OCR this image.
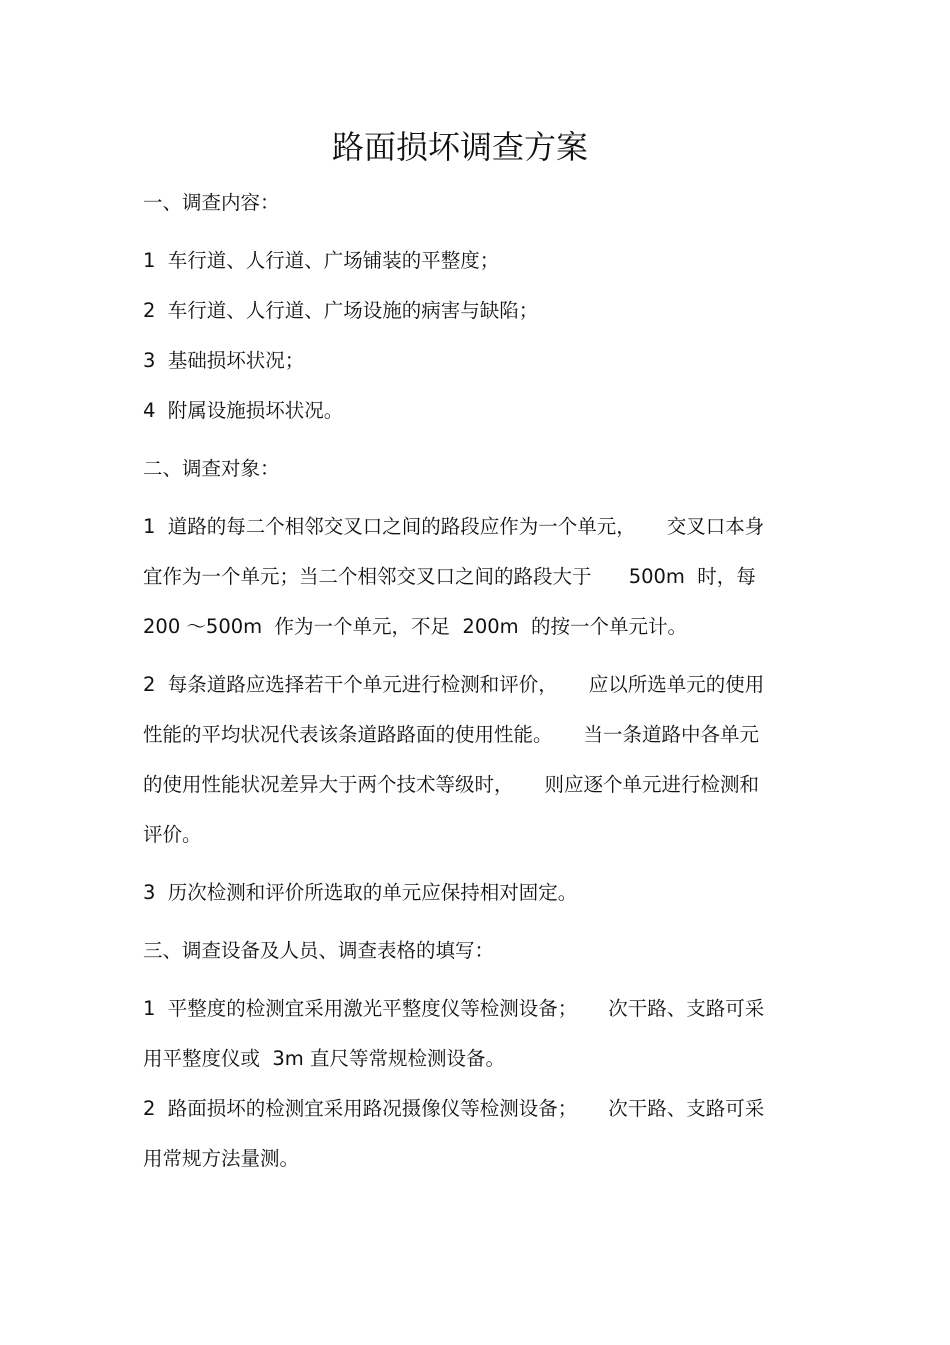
路面损坏调查方案
一、调查内容：
1  车行道、人行道、广场铺装的平整度；
2  车行道、人行道、广场设施的病害与缺陷；
3  基础损坏状况；
4  附属设施损坏状况。
二、调查对象：
1  道路的每二个相邻交叉口之间的路段应作为一个单元，     交叉口本身
宜作为一个单元；当二个相邻交叉口之间的路段大于      500m  时，每
200 ～500m  作为一个单元，不足  200m  的按一个单元计。
2  每条道路应选择若干个单元进行检测和评价，     应以所选单元的使用
性能的平均状况代表该条道路路面的使用性能。     当一条道路中各单元
的使用性能状况差异大于两个技术等级时，     则应逐个单元进行检测和
评价。
3  历次检测和评价所选取的单元应保持相对固定。
三、调查设备及人员、调查表格的填写：
1  平整度的检测宜采用激光平整度仪等检测设备；     次干路、支路可采
用平整度仪或  3m 直尺等常规检测设备。
2  路面损坏的检测宜采用路况摄像仪等检测设备；     次干路、支路可采
用常规方法量测。
